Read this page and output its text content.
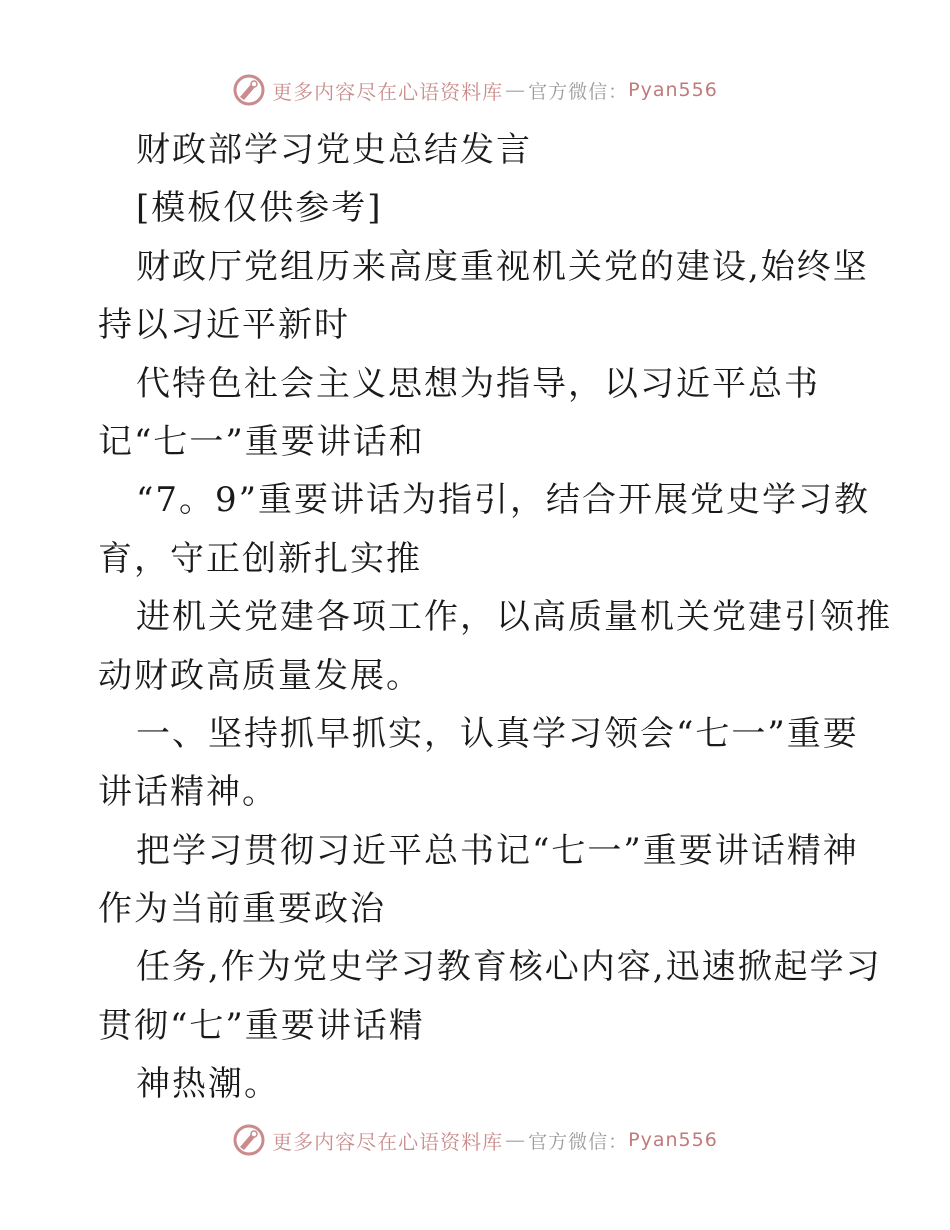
更多内容尽在心语资料库 — 官方微信： Pyan556
财政部学习党史总结发言
[模板仅供参考]
财政厅党组历来高度重视机关党的建设,始终坚
持以习近平新时
代特色社会主义思想为指导，以习近平总书
记“七一”重要讲话和
“7。9”重要讲话为指引，结合开展党史学习教
育，守正创新扎实推
进机关党建各项工作，以高质量机关党建引领推
动财政高质量发展。
一、坚持抓早抓实，认真学习领会“七一”重要
讲话精神。
把学习贯彻习近平总书记“七一”重要讲话精神
作为当前重要政治
任务,作为党史学习教育核心内容,迅速掀起学习
贯彻“七”重要讲话精
神热潮。
更多内容尽在心语资料库 — 官方微信： Pyan556
